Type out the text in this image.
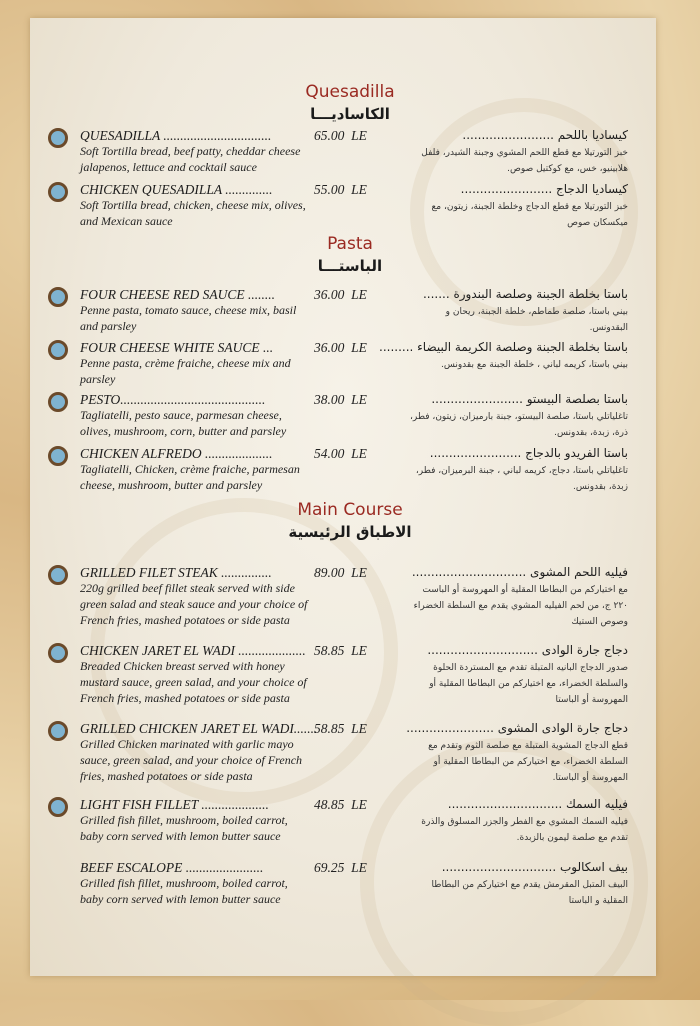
Quesadilla
الكاساديـــا
QUESADILLA ................................
Soft Tortilla bread, beef patty, cheddar cheese jalapenos, lettuce and cocktail sauce
65.00 LE	كيساديا باللحم ........................
خبز التورتيلا مع قطع اللحم المشوي وجبنة الشيدر، فلفل هلابينيو، خس، مع كوكتيل صوص.
CHICKEN QUESADILLA ..............
Soft Tortilla bread, chicken, cheese mix, olives, and Mexican sauce
55.00 LE	كيساديا الدجاج ........................
خبز التورتيلا مع قطع الدجاج وخلطة الجبنة، زيتون، مع ميكسكان صوص
Pasta
الباستـــا
FOUR CHEESE RED SAUCE ........
Penne pasta, tomato sauce, cheese mix, basil and parsley
36.00 LE	باستا بخلطة الجبنة وصلصة البندورة .......
بيني باستا، صلصة طماطم، خلطة الجبنة، ريحان و البقدونس.
FOUR CHEESE WHITE SAUCE ...
Penne pasta, crème fraiche, cheese mix and parsley
36.00 LE	باستا بخلطة الجبنة وصلصة الكريمة البيضاء .........
بيني باستا، كريمه لباني ، خلطة الجبنة مع بقدونس.
PESTO...........................................
Tagliatelli, pesto sauce, parmesan cheese, olives, mushroom, corn, butter and parsley
38.00 LE	باستا بصلصة البيستو ........................
تاغلياتلي باستا، صلصة البيستو، جبنة بارميزان، زيتون، فطر، ذرة، زبدة، بقدونس.
CHICKEN ALFREDO ....................
Tagliatelli, Chicken, crème fraiche, parmesan cheese, mushroom, butter and parsley
54.00 LE	باستا الفريدو بالدجاج ........................
تاغلياتلي باستا، دجاج، كريمه لباني ، جبنة البرميزان، فطر، زبدة، بقدونس.
Main Course
الاطباق الرئيسية
GRILLED FILET STEAK ...............
220g grilled beef fillet steak served with side green salad and steak sauce and your choice of French fries, mashed potatoes or side pasta
89.00 LE	فيليه اللحم المشوى ..............................
مع اختياركم من البطاطا المقلية أو المهروسة أو الباست ٢٢٠ ج، من لحم الفيليه المشوي يقدم مع السلطة الخضراء وصوص الستيك
CHICKEN JARET EL WADI ....................
Breaded Chicken breast served with honey mustard sauce, green salad, and your choice of French fries, mashed potatoes or side pasta
58.85 LE	دجاج جارة الوادى .............................
صدور الدجاج البانيه المتبلة تقدم مع المستردة الحلوة والسلطة الخضراء، مع اختياركم من البطاطا المقلية أو المهروسة أو الباستا
GRILLED CHICKEN JARET EL WADI.......
Grilled Chicken marinated with garlic mayo sauce, green salad, and your choice of French fries, mashed potatoes or side pasta
58.85 LE	دجاج جارة الوادى المشوى .......................
قطع الدجاج المشوية المتبلة مع صلصة الثوم وتقدم مع السلطة الخضراء، مع اختياركم من البطاطا المقلية أو المهروسة أو الباستا.
LIGHT FISH FILLET ....................
Grilled fish fillet, mushroom, boiled carrot, baby corn served with lemon butter sauce
48.85 LE	فيليه السمك ..............................
فيليه السمك المشوي مع الفطر والجزر المسلوق والذرة تقدم مع صلصة ليمون بالزبدة.
BEEF ESCALOPE .......................
Grilled fish fillet, mushroom, boiled carrot, baby corn served with lemon butter sauce
69.25 LE	بيف اسكالوب ..............................
البيف المتبل المقرمش يقدم مع اختياركم من البطاطا المقلية و الباستا
